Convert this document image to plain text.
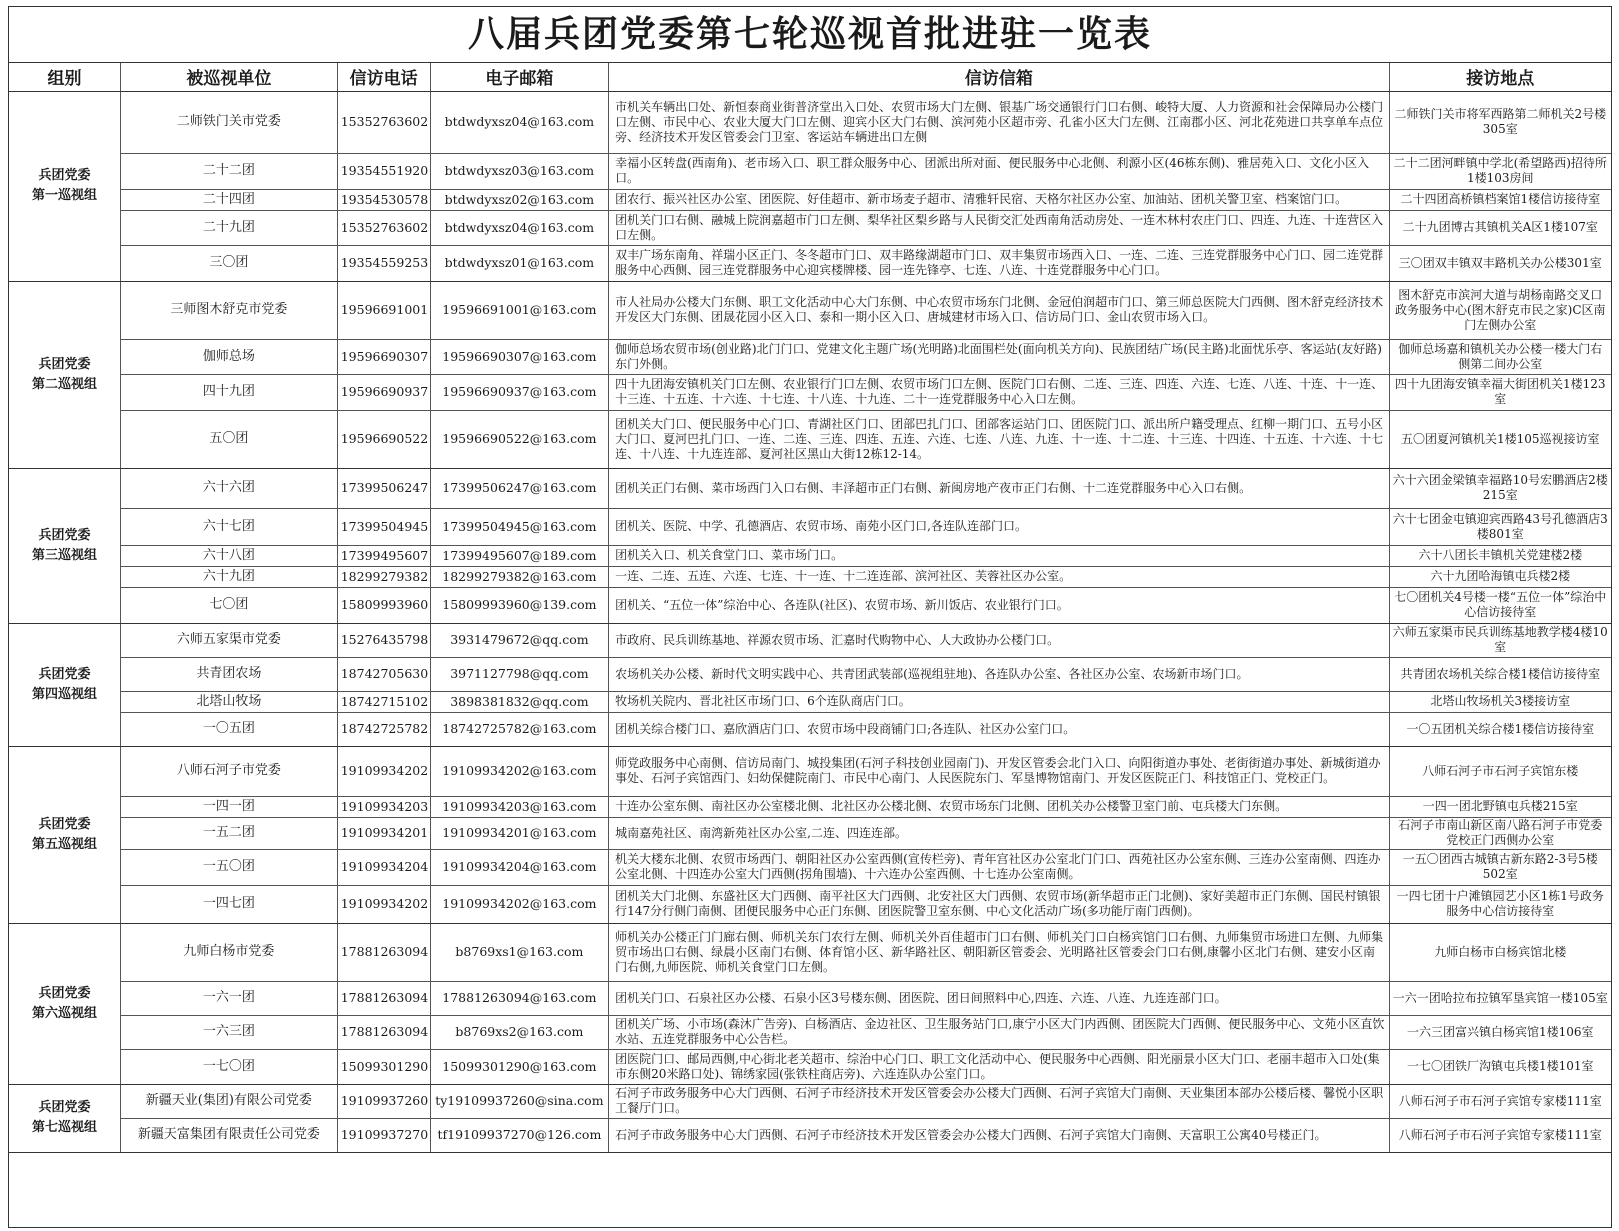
八届兵团党委第七轮巡视首批进驻一览表
组别	被巡视单位	信访电话	电子邮箱	信访信箱	接访地点
兵团党委
第一巡视组	二师铁门关市党委	15352763602	btdwdyxsz04@163.com	市机关车辆出口处、新恒泰商业街普济堂出入口处、农贸市场大门左侧、银基广场交通银行门口右侧、峻特大厦、人力资源和社会保障局办公楼门口左侧、市民中心、农业大厦大门口左侧、迎宾小区大门右侧、滨河苑小区超市旁、孔雀小区大门左侧、江南郡小区、河北花苑进口共享单车点位旁、经济技术开发区管委会门卫室、客运站车辆进出口左侧	二师铁门关市将军西路第二师机关2号楼305室
	二十二团	19354551920	btdwdyxsz03@163.com	幸福小区转盘(西南角)、老市场入口、职工群众服务中心、团派出所对面、便民服务中心北侧、利源小区(46栋东侧)、雅居苑入口、文化小区入口。	二十二团河畔镇中学北(希望路西)招待所1楼103房间
	二十四团	19354530578	btdwdyxsz02@163.com	团农行、振兴社区办公室、团医院、好佳超市、新市场麦子超市、清雅轩民宿、天格尔社区办公室、加油站、团机关警卫室、档案馆门口。	二十四团高桥镇档案馆1楼信访接待室
	二十九团	15352763602	btdwdyxsz04@163.com	团机关门口右侧、融城上院润嘉超市门口左侧、梨华社区梨乡路与人民街交汇处西南角活动房处、一连木林村农庄门口、四连、九连、十连营区入口左侧。	二十九团博古其镇机关A区1楼107室
	三〇团	19354559253	btdwdyxsz01@163.com	双丰广场东南角、祥瑞小区正门、冬冬超市门口、双丰路缘湖超市门口、双丰集贸市场西入口、一连、二连、三连党群服务中心门口、园二连党群服务中心西侧、园三连党群服务中心迎宾楼牌楼、园一连先锋亭、七连、八连、十连党群服务中心门口。	三〇团双丰镇双丰路机关办公楼301室
兵团党委
第二巡视组	三师图木舒克市党委	19596691001	19596691001@163.com	市人社局办公楼大门东侧、职工文化活动中心大门东侧、中心农贸市场东门北侧、金冠伯润超市门口、第三师总医院大门西侧、图木舒克经济技术开发区大门东侧、团晟花园小区入口、泰和一期小区入口、唐城建材市场入口、信访局门口、金山农贸市场入口。	图木舒克市滨河大道与胡杨南路交叉口政务服务中心(图木舒克市民之家)C区南门左侧办公室
	伽师总场	19596690307	19596690307@163.com	伽师总场农贸市场(创业路)北门门口、党建文化主题广场(光明路)北面围栏处(面向机关方向)、民族团结广场(民主路)北面忧乐亭、客运站(友好路)东门外侧。	伽师总场嘉和镇机关办公楼一楼大门右侧第二间办公室
	四十九团	19596690937	19596690937@163.com	四十九团海安镇机关门口左侧、农业银行门口左侧、农贸市场门口左侧、医院门口右侧、二连、三连、四连、六连、七连、八连、十连、十一连、十三连、十五连、十六连、十七连、十八连、十九连、二十一连党群服务中心入口左侧。	四十九团海安镇幸福大街团机关1楼123室
	五〇团	19596690522	19596690522@163.com	团机关大门口、便民服务中心门口、青湖社区门口、团部巴扎门口、团部客运站门口、团医院门口、派出所户籍受理点、红柳一期门口、五号小区大门口、夏河巴扎门口、一连、二连、三连、四连、五连、六连、七连、八连、九连、十一连、十二连、十三连、十四连、十五连、十六连、十七连、十八连、十九连连部、夏河社区黑山大街12栋12-14。	五〇团夏河镇机关1楼105巡视接访室
兵团党委
第三巡视组	六十六团	17399506247	17399506247@163.com	团机关正门右侧、菜市场西门入口右侧、丰泽超市正门右侧、新闽房地产夜市正门右侧、十二连党群服务中心入口右侧。	六十六团金梁镇幸福路10号宏鹏酒店2楼215室
	六十七团	17399504945	17399504945@163.com	团机关、医院、中学、孔德酒店、农贸市场、南苑小区门口,各连队连部门口。	六十七团金屯镇迎宾西路43号孔德酒店3楼801室
	六十八团	17399495607	17399495607@189.com	团机关入口、机关食堂门口、菜市场门口。	六十八团长丰镇机关党建楼2楼
	六十九团	18299279382	18299279382@163.com	一连、二连、五连、六连、七连、十一连、十二连连部、滨河社区、芙蓉社区办公室。	六十九团哈海镇屯兵楼2楼
	七〇团	15809993960	15809993960@139.com	团机关、“五位一体”综治中心、各连队(社区)、农贸市场、新川饭店、农业银行门口。	七〇团机关4号楼一楼“五位一体”综治中心信访接待室
兵团党委
第四巡视组	六师五家渠市党委	15276435798	3931479672@qq.com	市政府、民兵训练基地、祥源农贸市场、汇嘉时代购物中心、人大政协办公楼门口。	六师五家渠市民兵训练基地教学楼4楼10室
	共青团农场	18742705630	3971127798@qq.com	农场机关办公楼、新时代文明实践中心、共青团武装部(巡视组驻地)、各连队办公室、各社区办公室、农场新市场门口。	共青团农场机关综合楼1楼信访接待室
	北塔山牧场	18742715102	3898381832@qq.com	牧场机关院内、晋北社区市场门口、6个连队商店门口。	北塔山牧场机关3楼接访室
	一〇五团	18742725782	18742725782@163.com	团机关综合楼门口、嘉欣酒店门口、农贸市场中段商铺门口;各连队、社区办公室门口。	一〇五团机关综合楼1楼信访接待室
兵团党委
第五巡视组	八师石河子市党委	19109934202	19109934202@163.com	师党政服务中心南侧、信访局南门、城投集团(石河子科技创业园南门)、开发区管委会北门入口、向阳街道办事处、老街街道办事处、新城街道办事处、石河子宾馆西门、妇幼保健院南门、市民中心南门、人民医院东门、军垦博物馆南门、开发区医院正门、科技馆正门、党校正门。	八师石河子市石河子宾馆东楼
	一四一团	19109934203	19109934203@163.com	十连办公室东侧、南社区办公室楼北侧、北社区办公楼北侧、农贸市场东门北侧、团机关办公楼警卫室门前、屯兵楼大门东侧。	一四一团北野镇屯兵楼215室
	一五二团	19109934201	19109934201@163.com	城南嘉苑社区、南湾新苑社区办公室,二连、四连连部。	石河子市南山新区南八路石河子市党委党校正门西侧办公室
	一五〇团	19109934204	19109934204@163.com	机关大楼东北侧、农贸市场西门、朝阳社区办公室西侧(宣传栏旁)、青年宫社区办公室北门门口、西苑社区办公室东侧、三连办公室南侧、四连办公室北侧、十四连办公室大门西侧(拐角围墙)、十六连办公室西侧、十七连办公室南侧。	一五〇团西古城镇古新东路2-3号5楼502室
	一四七团	19109934202	19109934202@163.com	团机关大门北侧、东盛社区大门西侧、南平社区大门西侧、北安社区大门西侧、农贸市场(新华超市正门北侧)、家好美超市正门东侧、国民村镇银行147分行侧门南侧、团便民服务中心正门东侧、团医院警卫室东侧、中心文化活动广场(多功能厅南门西侧)。	一四七团十户滩镇园艺小区1栋1号政务服务中心信访接待室
兵团党委
第六巡视组	九师白杨市党委	17881263094	b8769xs1@163.com	师机关办公楼正门门廊右侧、师机关东门农行左侧、师机关外百佳超市门口右侧、师机关门口白杨宾馆门口右侧、九师集贸市场进口左侧、九师集贸市场出口右侧、绿晨小区南门右侧、体育馆小区、新华路社区、朝阳新区管委会、光明路社区管委会门口右侧,康馨小区北门右侧、建安小区南门右侧,九师医院、师机关食堂门口左侧。	九师白杨市白杨宾馆北楼
	一六一团	17881263094	17881263094@163.com	团机关门口、石泉社区办公楼、石泉小区3号楼东侧、团医院、团日间照料中心,四连、六连、八连、九连连部门口。	一六一团哈拉布拉镇军垦宾馆一楼105室
	一六三团	17881263094	b8769xs2@163.com	团机关广场、小市场(森沐广告旁)、白杨酒店、金边社区、卫生服务站门口,康宁小区大门内西侧、团医院大门西侧、便民服务中心、文苑小区直饮水站、五连党群服务中心公告栏。	一六三团富兴镇白杨宾馆1楼106室
	一七〇团	15099301290	15099301290@163.com	团医院门口、邮局西侧,中心街北老关超市、综治中心门口、职工文化活动中心、便民服务中心西侧、阳光丽景小区大门口、老丽丰超市入口处(集市东侧20米路口处)、锦绣家园(张铁柱商店旁)、六连连队办公室门口。	一七〇团铁厂沟镇屯兵楼1楼101室
兵团党委
第七巡视组	新疆天业(集团)有限公司党委	19109937260	ty19109937260@sina.com	石河子市政务服务中心大门西侧、石河子市经济技术开发区管委会办公楼大门西侧、石河子宾馆大门南侧、天业集团本部办公楼后楼、馨悦小区职工餐厅门口。	八师石河子市石河子宾馆专家楼111室
	新疆天富集团有限责任公司党委	19109937270	tf19109937270@126.com	石河子市政务服务中心大门西侧、石河子市经济技术开发区管委会办公楼大门西侧、石河子宾馆大门南侧、天富职工公寓40号楼正门。	八师石河子市石河子宾馆专家楼111室
